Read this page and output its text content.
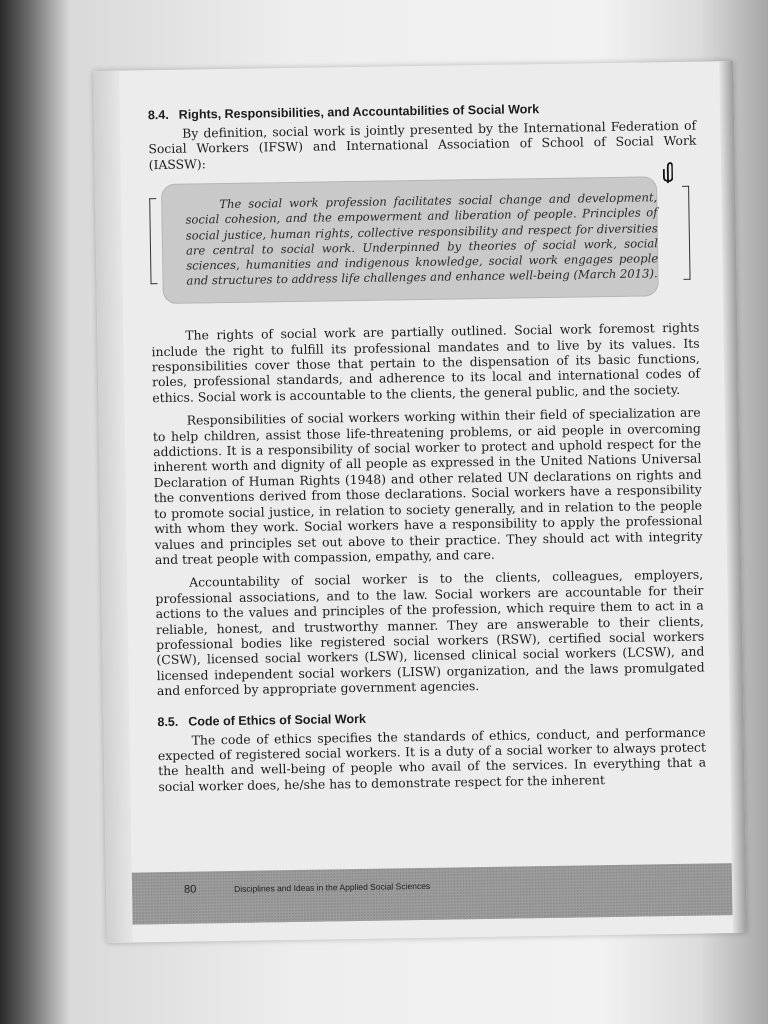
8.4. Rights, Responsibilities, and Accountabilities of Social Work

By definition, social work is jointly presented by the International Federation of Social Workers (IFSW) and International Association of School of Social Work (IASSW):

The social work profession facilitates social change and development, social cohesion, and the empowerment and liberation of people. Principles of social justice, human rights, collective responsibility and respect for diversities are central to social work. Underpinned by theories of social work, social sciences, humanities and indigenous knowledge, social work engages people and structures to address life challenges and enhance well-being (March 2013).

The rights of social work are partially outlined. Social work foremost rights include the right to fulfill its professional mandates and to live by its values. Its responsibilities cover those that pertain to the dispensation of its basic functions, roles, professional standards, and adherence to its local and international codes of ethics. Social work is accountable to the clients, the general public, and the society.

Responsibilities of social workers working within their field of specialization are to help children, assist those life-threatening problems, or aid people in overcoming addictions. It is a responsibility of social worker to protect and uphold respect for the inherent worth and dignity of all people as expressed in the United Nations Universal Declaration of Human Rights (1948) and other related UN declarations on rights and the conventions derived from those declarations. Social workers have a responsibility to promote social justice, in relation to society generally, and in relation to the people with whom they work. Social workers have a responsibility to apply the professional values and principles set out above to their practice. They should act with integrity and treat people with compassion, empathy, and care.

Accountability of social worker is to the clients, colleagues, employers, professional associations, and to the law. Social workers are accountable for their actions to the values and principles of the profession, which require them to act in a reliable, honest, and trustworthy manner. They are answerable to their clients, professional bodies like registered social workers (RSW), certified social workers (CSW), licensed social workers (LSW), licensed clinical social workers (LCSW), and licensed independent social workers (LISW) organization, and the laws promulgated and enforced by appropriate government agencies.

8.5. Code of Ethics of Social Work

The code of ethics specifies the standards of ethics, conduct, and performance expected of registered social workers. It is a duty of a social worker to always protect the health and well-being of people who avail of the services. In everything that a social worker does, he/she has to demonstrate respect for the inherent

80	Disciplines and Ideas in the Applied Social Sciences
